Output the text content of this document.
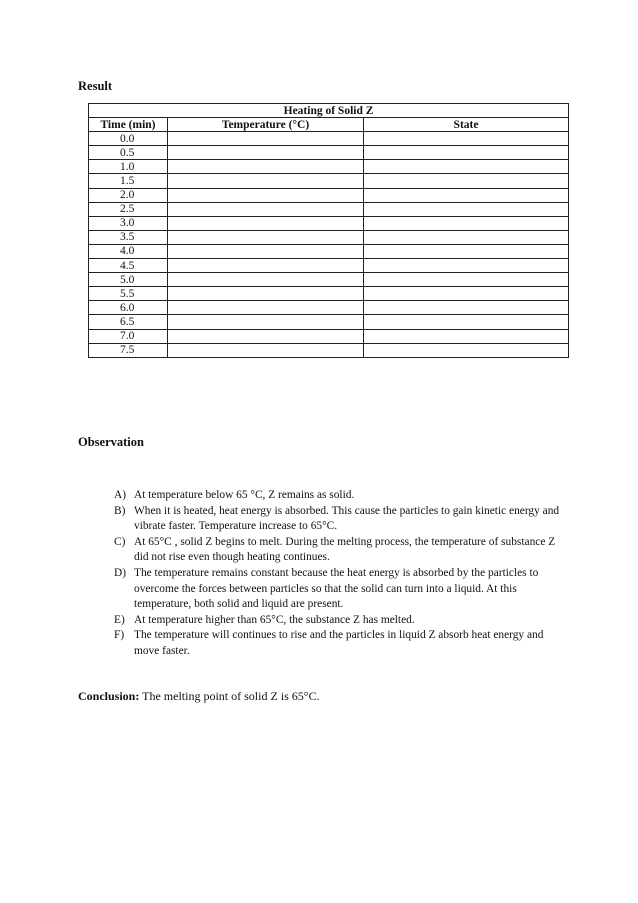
Result
Heating of Solid Z		
Time (min)	Temperature (°C)	State
0.0		
0.5		
1.0		
1.5		
2.0		
2.5		
3.0		
3.5		
4.0		
4.5		
5.0		
5.5		
6.0		
6.5		
7.0		
7.5		
Observation
A) At temperature below 65 °C, Z remains as solid.
B) When it is heated, heat energy is absorbed. This cause the particles to gain kinetic energy and vibrate faster. Temperature increase to 65°C.
C) At 65°C , solid Z begins to melt. During the melting process, the temperature of substance Z did not rise even though heating continues.
D) The temperature remains constant because the heat energy is absorbed by the particles to overcome the forces between particles so that the solid can turn into a liquid. At this temperature, both solid and liquid are present.
E) At temperature higher than 65°C, the substance Z has melted.
F) The temperature will continues to rise and the particles in liquid Z absorb heat energy and move faster.
Conclusion: The melting point of solid Z is 65°C.
